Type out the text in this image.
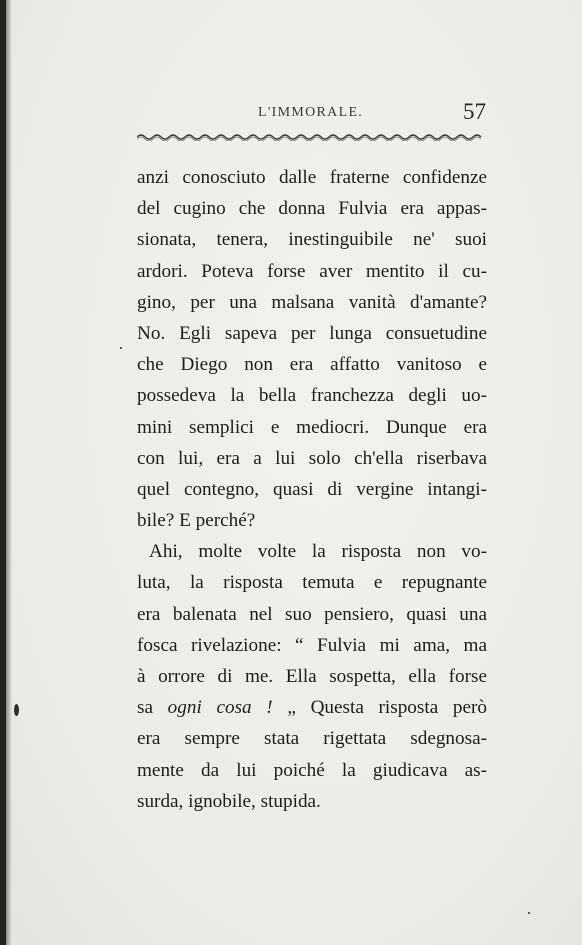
L'IMMORALE.	57
anzi conosciuto dalle fraterne confidenze
del cugino che donna Fulvia era appas-
sionata, tenera, inestinguibile ne' suoi
ardori. Poteva forse aver mentito il cu-
gino, per una malsana vanità d'amante?
No. Egli sapeva per lunga consuetudine
che Diego non era affatto vanitoso e
possedeva la bella franchezza degli uo-
mini semplici e mediocri. Dunque era
con lui, era a lui solo ch'ella riserbava
quel contegno, quasi di vergine intangi-
bile? E perché?
Ahi, molte volte la risposta non vo-
luta, la risposta temuta e repugnante
era balenata nel suo pensiero, quasi una
fosca rivelazione: “ Fulvia mi ama, ma
à orrore di me. Ella sospetta, ella forse
sa ogni cosa ! „ Questa risposta però
era sempre stata rigettata sdegnosa-
mente da lui poiché la giudicava as-
surda, ignobile, stupida.
